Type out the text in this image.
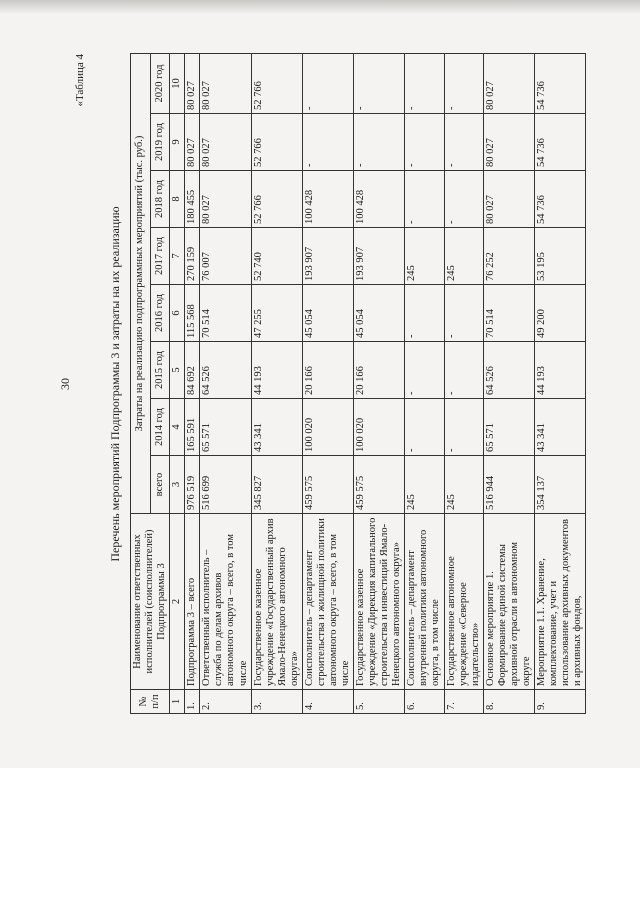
30
«Таблица 4
Перечень мероприятий Подпрограммы 3 и затраты на их реализацию
№ п/п	Наименование ответственных исполнителей (соисполнителей) Подпрограммы 3	Затраты на реализацию подпрограммных мероприятий (тыс. руб.)							
		всего	2014 год	2015 год	2016 год	2017 год	2018 год	2019 год	2020 год
1	2	3	4	5	6	7	8	9	10
1.	Подпрограмма 3 – всего	976 519	165 591	84 692	115 568	270 159	180 455	80 027	80 027
2.	Ответственный исполнитель – служба по делам архивов автономного округа – всего, в том числе	516 699	65 571	64 526	70 514	76 007	80 027	80 027	80 027
3.	Государственное казенное учреждение «Государственный архив Ямало-Ненецкого автономного округа»	345 827	43 341	44 193	47 255	52 740	52 766	52 766	52 766
4.	Соисполнитель – департамент строительства и жилищной политики автономного округа – всего, в том числе	459 575	100 020	20 166	45 054	193 907	100 428	-	-
5.	Государственное казенное учреждение «Дирекция капитального строительства и инвестиций Ямало-Ненецкого автономного округа»	459 575	100 020	20 166	45 054	193 907	100 428	-	-
6.	Соисполнитель – департамент внутренней политики автономного округа, в том числе	245	-	-	-	245	-	-	-
7.	Государственное автономное учреждение «Северное издательство»	245	-	-	-	245	-	-	-
8.	Основное мероприятие 1. Формирование единой системы архивной отрасли в автономном округе	516 944	65 571	64 526	70 514	76 252	80 027	80 027	80 027
9.	Мероприятие 1.1. Хранение, комплектование, учет и использование архивных документов и архивных фондов,	354 137	43 341	44 193	49 200	53 195	54 736	54 736	54 736
